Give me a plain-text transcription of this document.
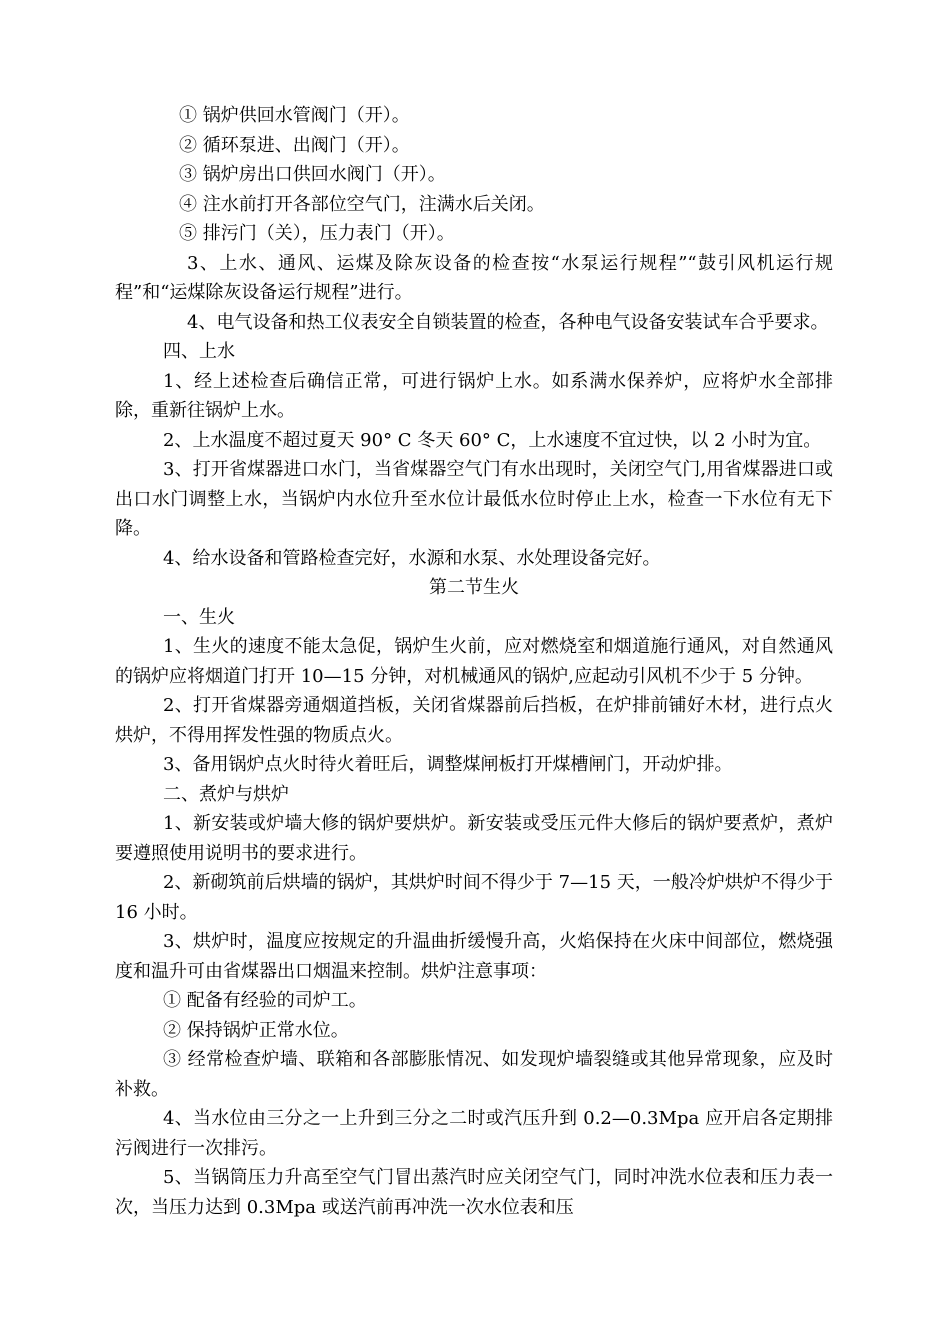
① 锅炉供回水管阀门（开）。

② 循环泵进、出阀门（开）。

③ 锅炉房出口供回水阀门（开）。

④ 注水前打开各部位空气门，注满水后关闭。

⑤ 排污门（关），压力表门（开）。

3、上水、通风、运煤及除灰设备的检查按“水泵运行规程”“鼓引风机运行规程”和“运煤除灰设备运行规程”进行。

4、电气设备和热工仪表安全自锁装置的检查，各种电气设备安装试车合乎要求。

四、上水

1、经上述检查后确信正常，可进行锅炉上水。如系满水保养炉，应将炉水全部排除，重新往锅炉上水。

2、上水温度不超过夏天 90° C 冬天 60° C，上水速度不宜过快，以 2 小时为宜。

3、打开省煤器进口水门，当省煤器空气门有水出现时，关闭空气门,用省煤器进口或出口水门调整上水，当锅炉内水位升至水位计最低水位时停止上水，检查一下水位有无下降。

4、给水设备和管路检查完好，水源和水泵、水处理设备完好。

第二节生火

一、生火

1、生火的速度不能太急促，锅炉生火前，应对燃烧室和烟道施行通风，对自然通风的锅炉应将烟道门打开 10—15 分钟，对机械通风的锅炉,应起动引风机不少于 5 分钟。

2、打开省煤器旁通烟道挡板，关闭省煤器前后挡板，在炉排前铺好木材，进行点火烘炉，不得用挥发性强的物质点火。

3、备用锅炉点火时待火着旺后，调整煤闸板打开煤槽闸门，开动炉排。

二、煮炉与烘炉

1、新安装或炉墙大修的锅炉要烘炉。新安装或受压元件大修后的锅炉要煮炉，煮炉要遵照使用说明书的要求进行。

2、新砌筑前后烘墙的锅炉，其烘炉时间不得少于 7—15 天，一般冷炉烘炉不得少于 16 小时。

3、烘炉时，温度应按规定的升温曲折缓慢升高，火焰保持在火床中间部位，燃烧强度和温升可由省煤器出口烟温来控制。烘炉注意事项：

① 配备有经验的司炉工。

② 保持锅炉正常水位。

③ 经常检查炉墙、联箱和各部膨胀情况、如发现炉墙裂缝或其他异常现象，应及时补救。

4、当水位由三分之一上升到三分之二时或汽压升到 0.2—0.3Mpa 应开启各定期排污阀进行一次排污。

5、当锅筒压力升高至空气门冒出蒸汽时应关闭空气门，同时冲洗水位表和压力表一次，当压力达到 0.3Mpa 或送汽前再冲洗一次水位表和压
